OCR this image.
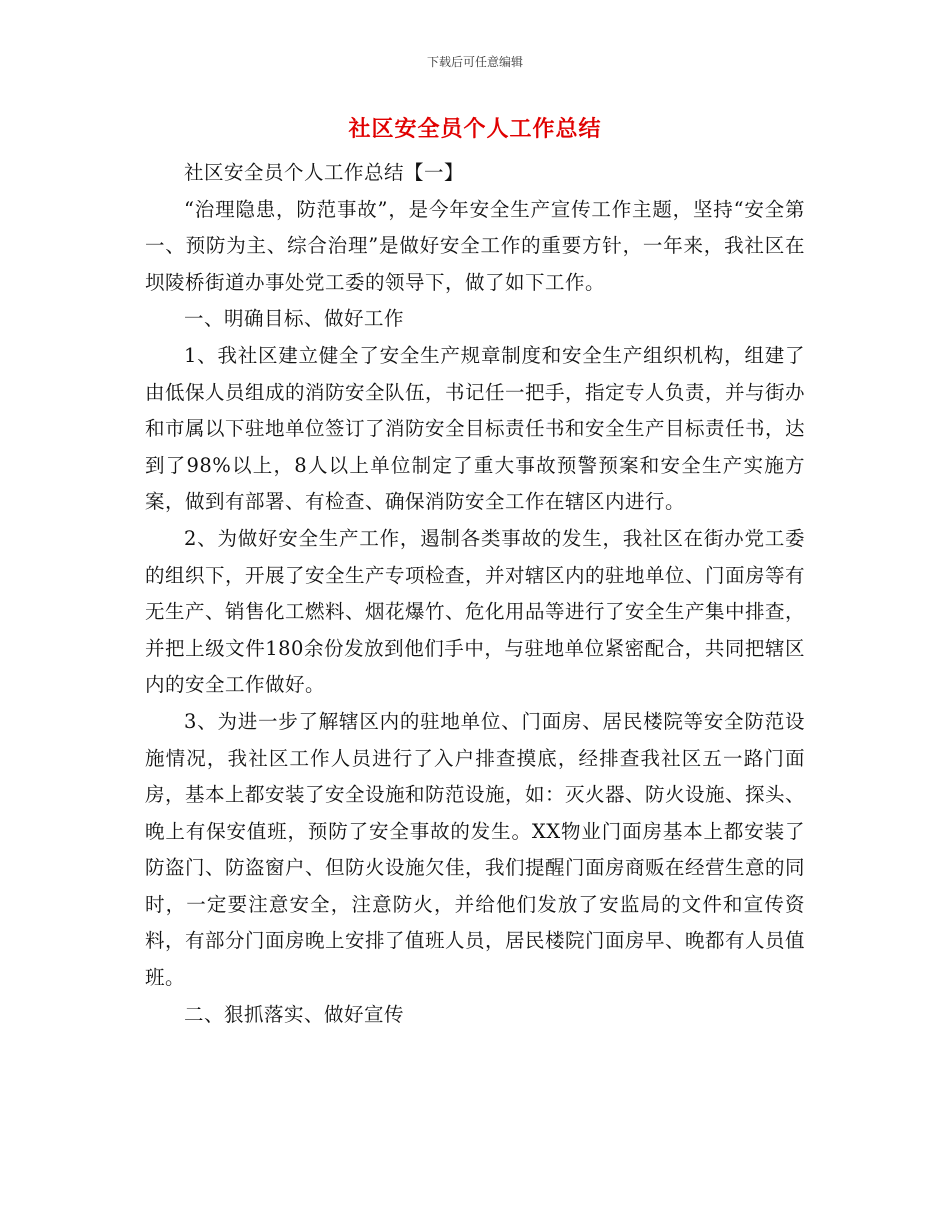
下载后可任意编辑
社区安全员个人工作总结

社区安全员个人工作总结【一】

“治理隐患，防范事故”，是今年安全生产宣传工作主题，坚持“安全第一、预防为主、综合治理”是做好安全工作的重要方针，一年来，我社区在坝陵桥街道办事处党工委的领导下，做了如下工作。

一、明确目标、做好工作

1、我社区建立健全了安全生产规章制度和安全生产组织机构，组建了由低保人员组成的消防安全队伍，书记任一把手，指定专人负责，并与街办和市属以下驻地单位签订了消防安全目标责任书和安全生产目标责任书，达到了98%以上，8人以上单位制定了重大事故预警预案和安全生产实施方案，做到有部署、有检查、确保消防安全工作在辖区内进行。

2、为做好安全生产工作，遏制各类事故的发生，我社区在街办党工委的组织下，开展了安全生产专项检查，并对辖区内的驻地单位、门面房等有无生产、销售化工燃料、烟花爆竹、危化用品等进行了安全生产集中排查，并把上级文件180余份发放到他们手中，与驻地单位紧密配合，共同把辖区内的安全工作做好。

3、为进一步了解辖区内的驻地单位、门面房、居民楼院等安全防范设施情况，我社区工作人员进行了入户排查摸底，经排查我社区五一路门面房，基本上都安装了安全设施和防范设施，如：灭火器、防火设施、探头、晚上有保安值班，预防了安全事故的发生。XX物业门面房基本上都安装了防盗门、防盗窗户、但防火设施欠佳，我们提醒门面房商贩在经营生意的同时，一定要注意安全，注意防火，并给他们发放了安监局的文件和宣传资料，有部分门面房晚上安排了值班人员，居民楼院门面房早、晚都有人员值班。

二、狠抓落实、做好宣传
